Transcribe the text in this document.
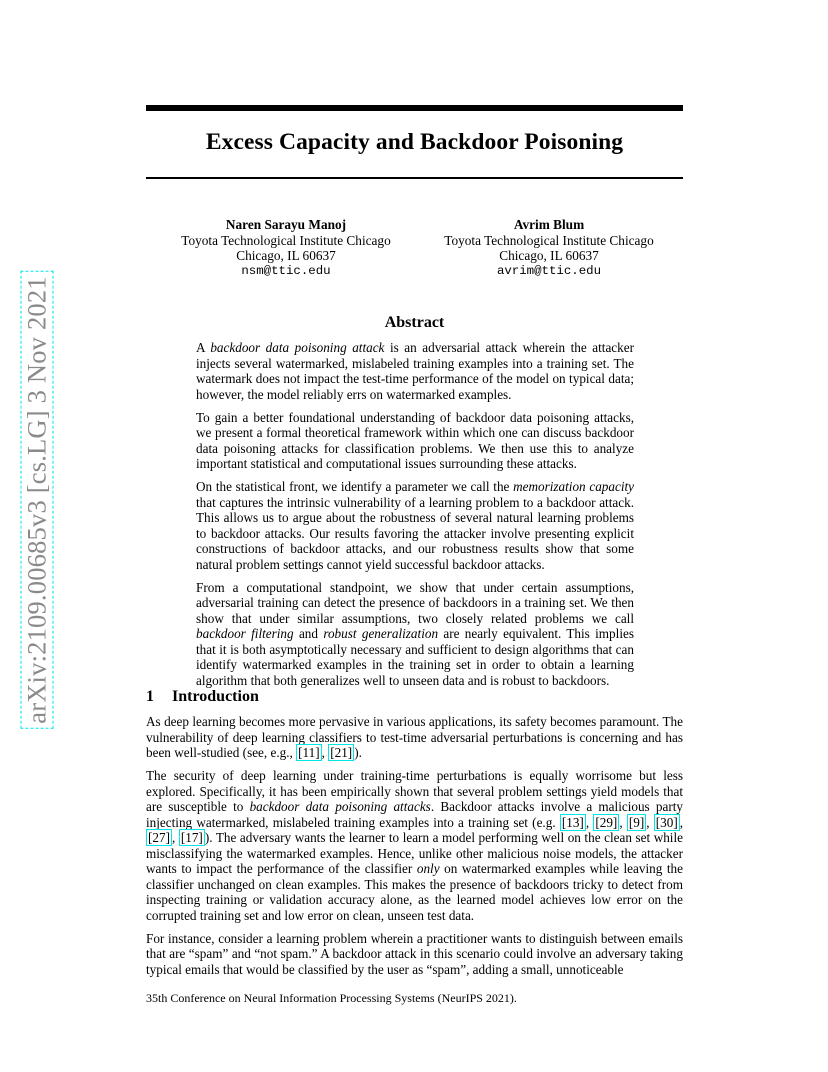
arXiv:2109.00685v3 [cs.LG] 3 Nov 2021
Excess Capacity and Backdoor Poisoning
Naren Sarayu Manoj
Toyota Technological Institute Chicago
Chicago, IL 60637
nsm@ttic.edu
Avrim Blum
Toyota Technological Institute Chicago
Chicago, IL 60637
avrim@ttic.edu
Abstract

A backdoor data poisoning attack is an adversarial attack wherein the attacker injects several watermarked, mislabeled training examples into a training set. The watermark does not impact the test-time performance of the model on typical data; however, the model reliably errs on watermarked examples.

To gain a better foundational understanding of backdoor data poisoning attacks, we present a formal theoretical framework within which one can discuss backdoor data poisoning attacks for classification problems. We then use this to analyze important statistical and computational issues surrounding these attacks.

On the statistical front, we identify a parameter we call the memorization capacity that captures the intrinsic vulnerability of a learning problem to a backdoor attack. This allows us to argue about the robustness of several natural learning problems to backdoor attacks. Our results favoring the attacker involve presenting explicit constructions of backdoor attacks, and our robustness results show that some natural problem settings cannot yield successful backdoor attacks.

From a computational standpoint, we show that under certain assumptions, adversarial training can detect the presence of backdoors in a training set. We then show that under similar assumptions, two closely related problems we call backdoor filtering and robust generalization are nearly equivalent. This implies that it is both asymptotically necessary and sufficient to design algorithms that can identify watermarked examples in the training set in order to obtain a learning algorithm that both generalizes well to unseen data and is robust to backdoors.

1 Introduction

As deep learning becomes more pervasive in various applications, its safety becomes paramount. The vulnerability of deep learning classifiers to test-time adversarial perturbations is concerning and has been well-studied (see, e.g., [11] , [21] ).

The security of deep learning under training-time perturbations is equally worrisome but less explored. Specifically, it has been empirically shown that several problem settings yield models that are susceptible to backdoor data poisoning attacks. Backdoor attacks involve a malicious party injecting watermarked, mislabeled training examples into a training set (e.g. [13] , [29] , [9] , [30] , [27] , [17] ). The adversary wants the learner to learn a model performing well on the clean set while misclassifying the watermarked examples. Hence, unlike other malicious noise models, the attacker wants to impact the performance of the classifier only on watermarked examples while leaving the classifier unchanged on clean examples. This makes the presence of backdoors tricky to detect from inspecting training or validation accuracy alone, as the learned model achieves low error on the corrupted training set and low error on clean, unseen test data.

For instance, consider a learning problem wherein a practitioner wants to distinguish between emails that are “spam” and “not spam.” A backdoor attack in this scenario could involve an adversary taking typical emails that would be classified by the user as “spam”, adding a small, unnoticeable

35th Conference on Neural Information Processing Systems (NeurIPS 2021).
